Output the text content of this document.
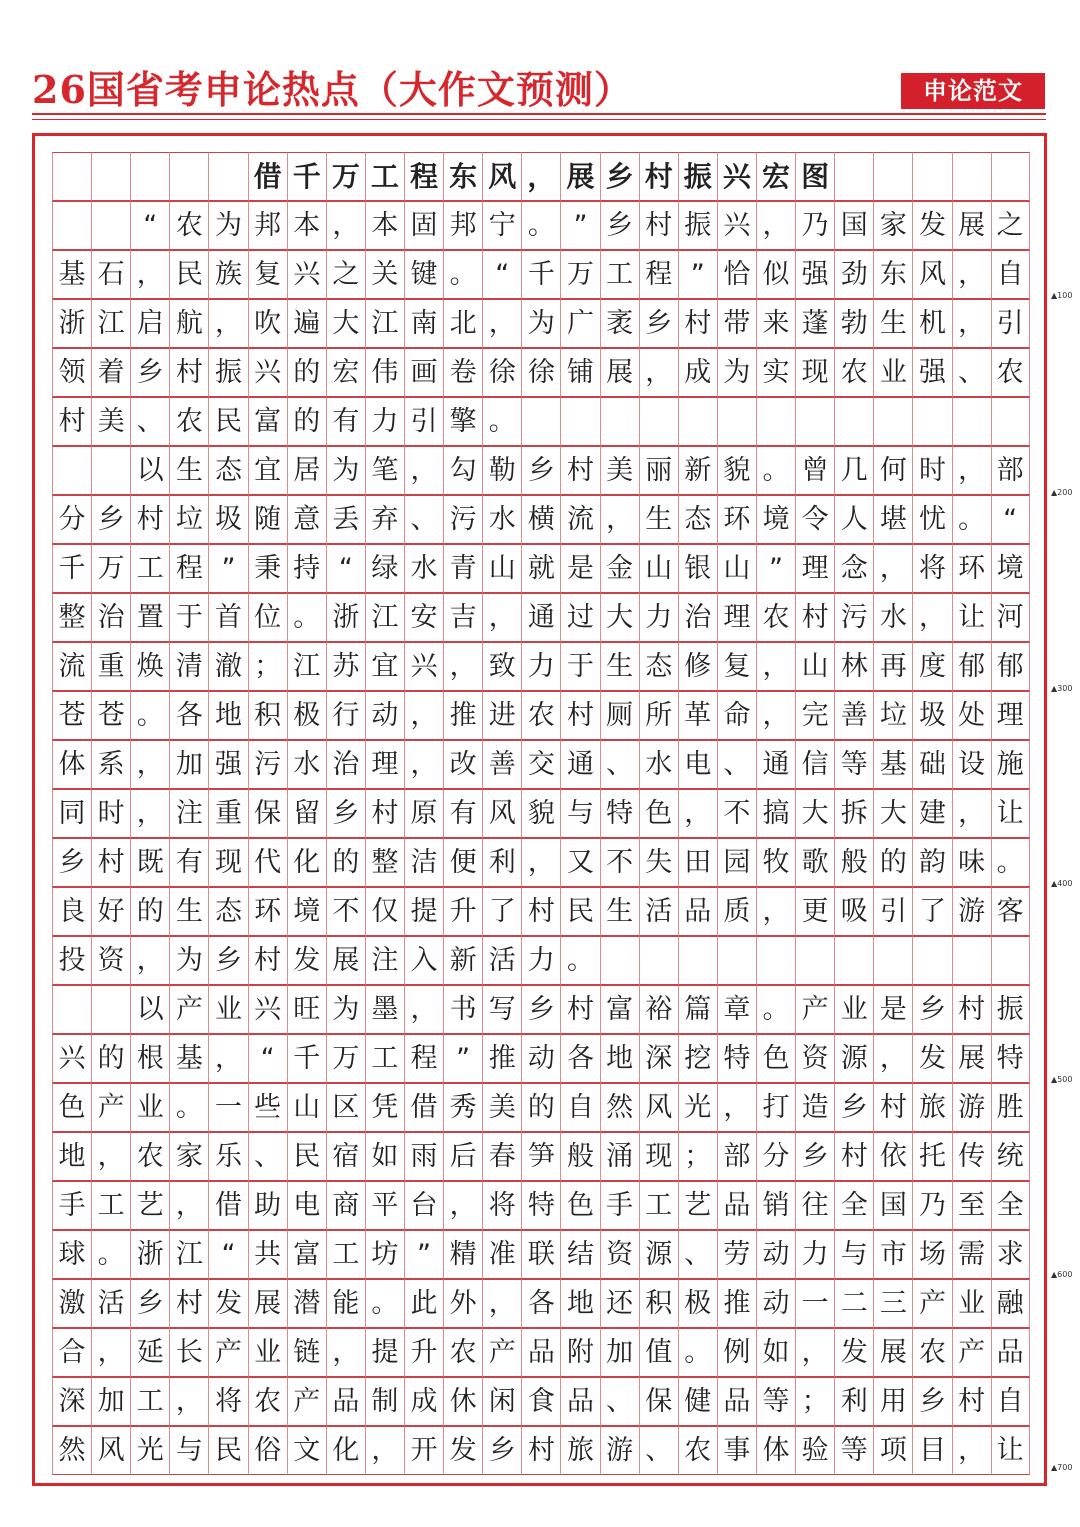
26国省考申论热点（大作文预测）	申论范文
借 千 万 工 程 东 风 ， 展 乡 村 振 兴 宏 图
“ 农 为 邦 本 ， 本 固 邦 宁 。 ” 乡 村 振 兴 ， 乃 国 家 发 展 之
基 石 ， 民 族 复 兴 之 关 键 。 “ 千 万 工 程 ” 恰 似 强 劲 东 风 ， 自
浙 江 启 航 ， 吹 遍 大 江 南 北 ， 为 广 袤 乡 村 带 来 蓬 勃 生 机 ， 引
领 着 乡 村 振 兴 的 宏 伟 画 卷 徐 徐 铺 展 ， 成 为 实 现 农 业 强 、 农
村 美 、 农 民 富 的 有 力 引 擎 。
以 生 态 宜 居 为 笔 ， 勾 勒 乡 村 美 丽 新 貌 。 曾 几 何 时 ， 部
分 乡 村 垃 圾 随 意 丢 弃 、 污 水 横 流 ， 生 态 环 境 令 人 堪 忧 。 “
千 万 工 程 ” 秉 持 “ 绿 水 青 山 就 是 金 山 银 山 ” 理 念 ， 将 环 境
整 治 置 于 首 位 。 浙 江 安 吉 ， 通 过 大 力 治 理 农 村 污 水 ， 让 河
流 重 焕 清 澈 ； 江 苏 宜 兴 ， 致 力 于 生 态 修 复 ， 山 林 再 度 郁 郁
苍 苍 。 各 地 积 极 行 动 ， 推 进 农 村 厕 所 革 命 ， 完 善 垃 圾 处 理
体 系 ， 加 强 污 水 治 理 ， 改 善 交 通 、 水 电 、 通 信 等 基 础 设 施
同 时 ， 注 重 保 留 乡 村 原 有 风 貌 与 特 色 ， 不 搞 大 拆 大 建 ， 让
乡 村 既 有 现 代 化 的 整 洁 便 利 ， 又 不 失 田 园 牧 歌 般 的 韵 味 。
良 好 的 生 态 环 境 不 仅 提 升 了 村 民 生 活 品 质 ， 更 吸 引 了 游 客
投 资 ， 为 乡 村 发 展 注 入 新 活 力 。
以 产 业 兴 旺 为 墨 ， 书 写 乡 村 富 裕 篇 章 。 产 业 是 乡 村 振
兴 的 根 基 ， “ 千 万 工 程 ” 推 动 各 地 深 挖 特 色 资 源 ， 发 展 特
色 产 业 。 一 些 山 区 凭 借 秀 美 的 自 然 风 光 ， 打 造 乡 村 旅 游 胜
地 ， 农 家 乐 、 民 宿 如 雨 后 春 笋 般 涌 现 ； 部 分 乡 村 依 托 传 统
手 工 艺 ， 借 助 电 商 平 台 ， 将 特 色 手 工 艺 品 销 往 全 国 乃 至 全
球 。 浙 江 “ 共 富 工 坊 ” 精 准 联 结 资 源 、 劳 动 力 与 市 场 需 求
激 活 乡 村 发 展 潜 能 。 此 外 ， 各 地 还 积 极 推 动 一 二 三 产 业 融
合 ， 延 长 产 业 链 ， 提 升 农 产 品 附 加 值 。 例 如 ， 发 展 农 产 品
深 加 工 ， 将 农 产 品 制 成 休 闲 食 品 、 保 健 品 等 ； 利 用 乡 村 自
然 风 光 与 民 俗 文 化 ， 开 发 乡 村 旅 游 、 农 事 体 验 等 项 目 ， 让
▲100
▲200
▲300
▲400
▲500
▲600
▲700
